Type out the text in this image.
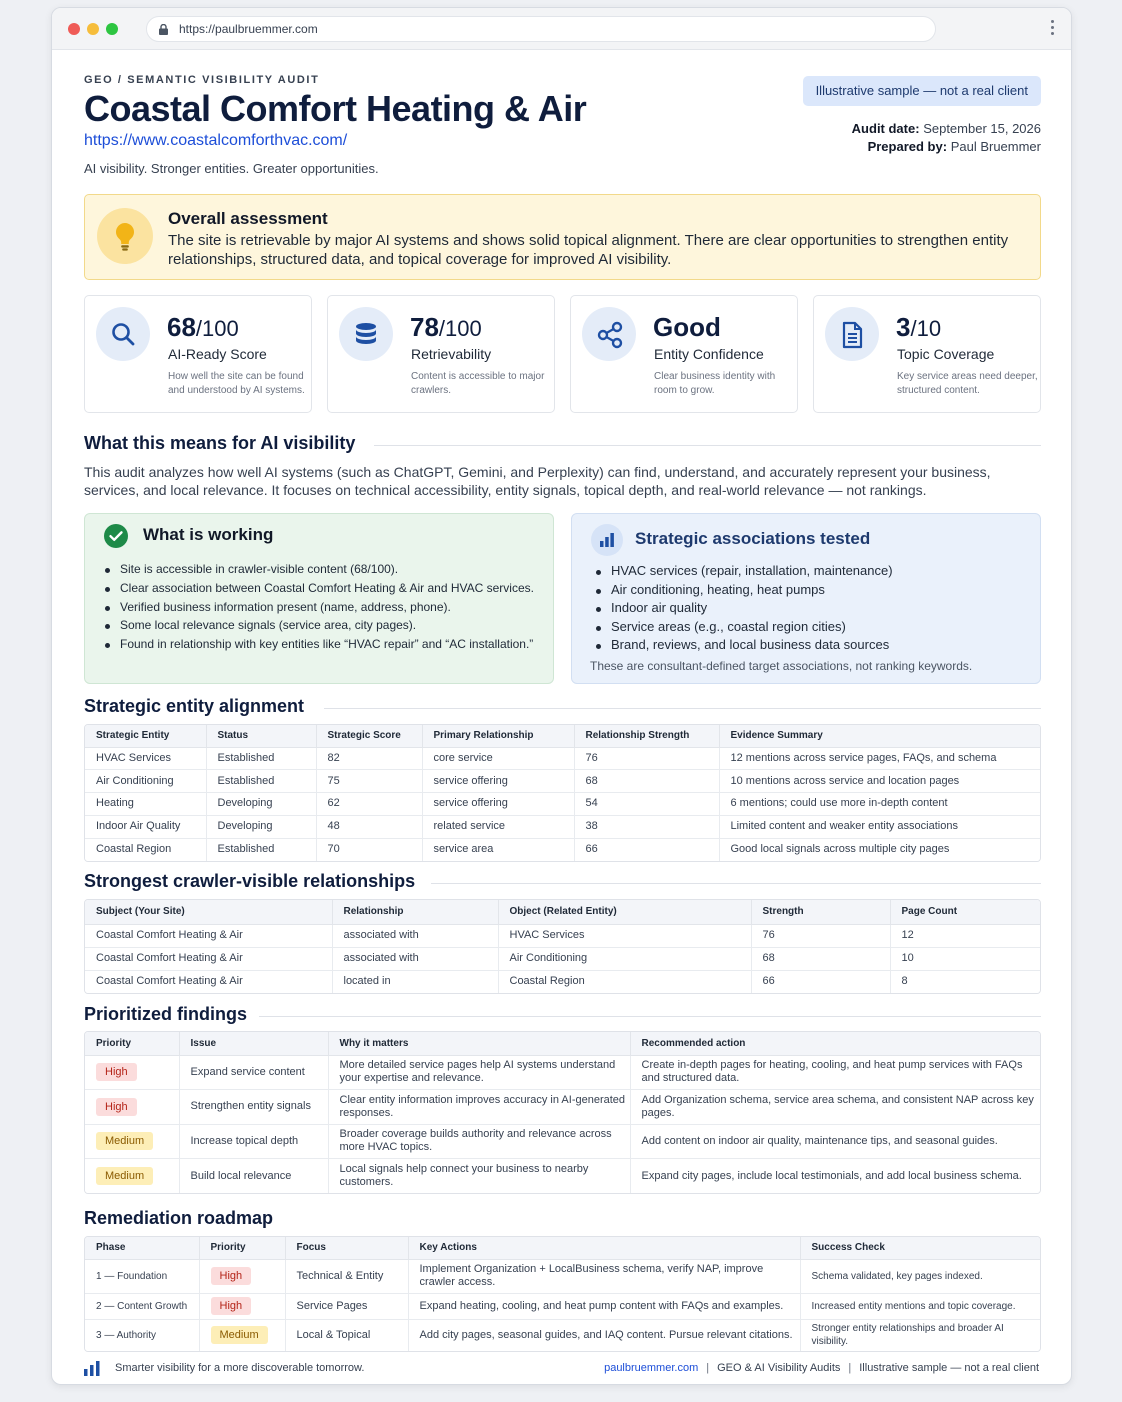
https://paulbruemmer.com
GEO / SEMANTIC VISIBILITY AUDIT
Coastal Comfort Heating & Air
https://www.coastalcomforthvac.com/
AI visibility. Stronger entities. Greater opportunities.
Illustrative sample — not a real client
Audit date: September 15, 2026
Prepared by: Paul Bruemmer
Overall assessment
The site is retrievable by major AI systems and shows solid topical alignment. There are clear opportunities to strengthen entity relationships, structured data, and topical coverage for improved AI visibility.
68/100
AI-Ready Score
How well the site can be found and understood by AI systems.
78/100
Retrievability
Content is accessible to major crawlers.
Good
Entity Confidence
Clear business identity with room to grow.
3/10
Topic Coverage
Key service areas need deeper, structured content.
What this means for AI visibility
This audit analyzes how well AI systems (such as ChatGPT, Gemini, and Perplexity) can find, understand, and accurately represent your business, services, and local relevance. It focuses on technical accessibility, entity signals, topical depth, and real-world relevance — not rankings.
What is working
Site is accessible in crawler-visible content (68/100).
Clear association between Coastal Comfort Heating & Air and HVAC services.
Verified business information present (name, address, phone).
Some local relevance signals (service area, city pages).
Found in relationship with key entities like “HVAC repair” and “AC installation.”
Strategic associations tested
HVAC services (repair, installation, maintenance)
Air conditioning, heating, heat pumps
Indoor air quality
Service areas (e.g., coastal region cities)
Brand, reviews, and local business data sources
These are consultant-defined target associations, not ranking keywords.
Strategic entity alignment
Strategic Entity	Status	Strategic Score	Primary Relationship	Relationship Strength	Evidence Summary
HVAC Services	Established	82	core service	76	12 mentions across service pages, FAQs, and schema
Air Conditioning	Established	75	service offering	68	10 mentions across service and location pages
Heating	Developing	62	service offering	54	6 mentions; could use more in-depth content
Indoor Air Quality	Developing	48	related service	38	Limited content and weaker entity associations
Coastal Region	Established	70	service area	66	Good local signals across multiple city pages
Strongest crawler-visible relationships
Subject (Your Site)	Relationship	Object (Related Entity)	Strength	Page Count
Coastal Comfort Heating & Air	associated with	HVAC Services	76	12
Coastal Comfort Heating & Air	associated with	Air Conditioning	68	10
Coastal Comfort Heating & Air	located in	Coastal Region	66	8
Prioritized findings
Priority	Issue	Why it matters	Recommended action
High	Expand service content	More detailed service pages help AI systems understand your expertise and relevance.	Create in-depth pages for heating, cooling, and heat pump services with FAQs and structured data.
High	Strengthen entity signals	Clear entity information improves accuracy in AI-generated responses.	Add Organization schema, service area schema, and consistent NAP across key pages.
Medium	Increase topical depth	Broader coverage builds authority and relevance across more HVAC topics.	Add content on indoor air quality, maintenance tips, and seasonal guides.
Medium	Build local relevance	Local signals help connect your business to nearby customers.	Expand city pages, include local testimonials, and add local business schema.
Remediation roadmap
Phase	Priority	Focus	Key Actions	Success Check
1 — Foundation	High	Technical & Entity	Implement Organization + LocalBusiness schema, verify NAP, improve crawler access.	Schema validated, key pages indexed.
2 — Content Growth	High	Service Pages	Expand heating, cooling, and heat pump content with FAQs and examples.	Increased entity mentions and topic coverage.
3 — Authority	Medium	Local & Topical	Add city pages, seasonal guides, and IAQ content. Pursue relevant citations.	Stronger entity relationships and broader AI visibility.
Smarter visibility for a more discoverable tomorrow.	paulbruemmer.com | GEO & AI Visibility Audits | Illustrative sample — not a real client
